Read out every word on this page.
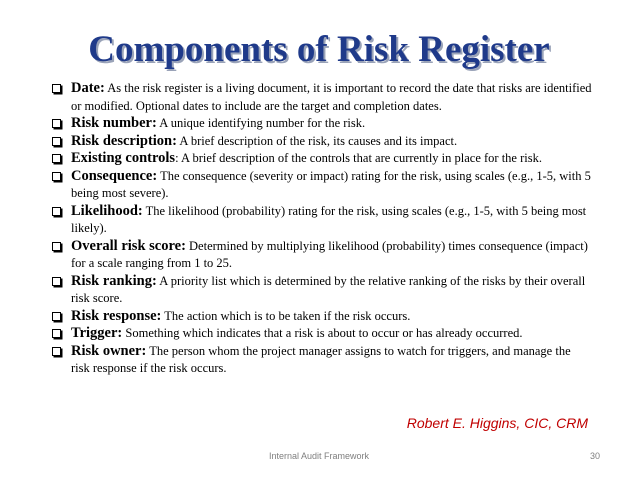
Components of Risk Register
Date: As the risk register is a living document, it is important to record the date that risks are identified or modified. Optional dates to include are the target and completion dates.
Risk number: A unique identifying number for the risk.
Risk description: A brief description of the risk, its causes and its impact.
Existing controls: A brief description of the controls that are currently in place for the risk.
Consequence: The consequence (severity or impact) rating for the risk, using scales (e.g., 1-5, with 5 being most severe).
Likelihood: The likelihood (probability) rating for the risk, using scales (e.g., 1-5, with 5 being most likely).
Overall risk score: Determined by multiplying likelihood (probability) times consequence (impact) for a scale ranging from 1 to 25.
Risk ranking: A priority list which is determined by the relative ranking of the risks by their overall risk score.
Risk response: The action which is to be taken if the risk occurs.
Trigger: Something which indicates that a risk is about to occur or has already occurred.
Risk owner: The person whom the project manager assigns to watch for triggers, and manage the risk response if the risk occurs.
Robert E. Higgins, CIC, CRM
Internal Audit Framework	30
